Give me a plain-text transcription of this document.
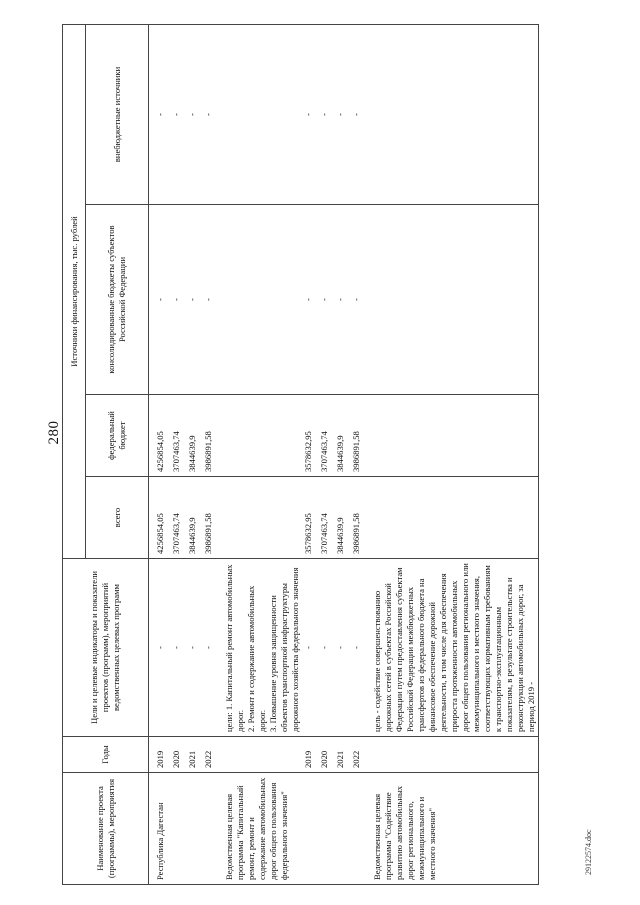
280
Наименование проекта (программы), мероприятия	Годы	Цели и целевые индикаторы и показатели проектов (программ), мероприятий ведомственных целевых программ	Источники финансирования, тыс. рублей			
			всего	федеральный бюджет	консолидированные бюджеты субъектов Российской Федерации	внебюджетные источники

Республика Дагестан	2019	-	4256854,05	4256854,05	-	-
	2020	-	3707463,74	3707463,74	-	-
	2021	-	3844639,9	3844639,9	-	-
	2022	-	3986891,58	3986891,58	-	-

Ведомственная целевая программа "Капитальный ремонт, ремонт и содержание автомобильных дорог общего пользования федерального значения"		цели: 1. Капитальный ремонт автомобильных дорог.
2. Ремонт и содержание автомобильных дорог.
3. Повышение уровня защищенности объектов транспортной инфраструктуры дорожного хозяйства федерального значения				
	2019	-	3578632,95	3578632,95	-	-
	2020	-	3707463,74	3707463,74	-	-
	2021	-	3844639,9	3844639,9	-	-
	2022	-	3986891,58	3986891,58	-	-

Ведомственная целевая программа "Содействие развитию автомобильных дорог регионального, межмуниципального и местного значения"		цель - содействие совершенствованию дорожных сетей в субъектах Российской Федерации путем предоставления субъектам Российской Федерации межбюджетных трансфертов из федерального бюджета на финансовое обеспечение дорожной деятельности, в том числе для обеспечения прироста протяженности автомобильных дорог общего пользования регионального или межмуниципального и местного значения, соответствующих нормативным требованиям к транспортно-эксплуатационным показателям, в результате строительства и реконструкции автомобильных дорог, за период 2019 -				
29122574.doc
